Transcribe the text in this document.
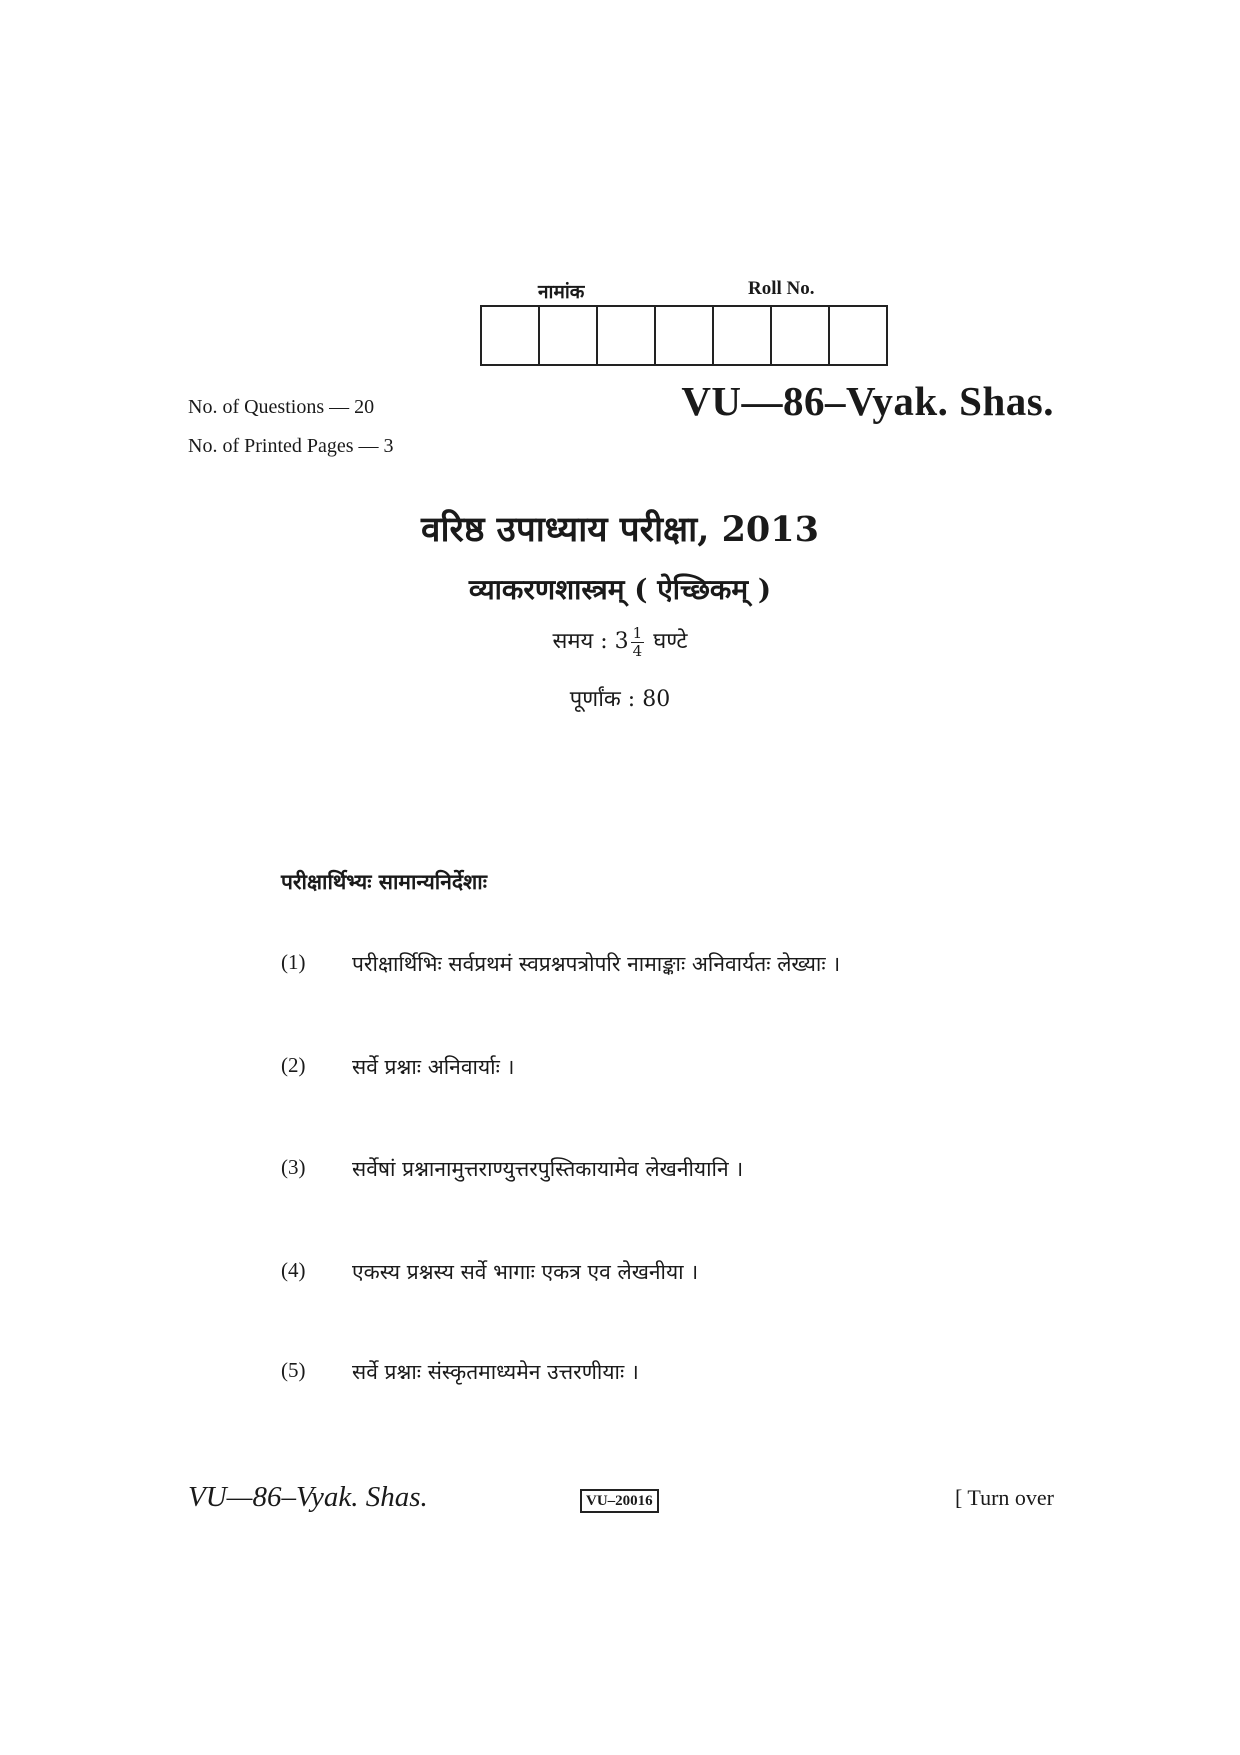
नामांक	Roll No.
No. of Questions — 20
No. of Printed Pages — 3
VU—86–Vyak. Shas.
वरिष्ठ उपाध्याय परीक्षा, 2013
व्याकरणशास्त्रम् ( ऐच्छिकम् )
समय : $3 \frac{1}{4}$ घण्टे
पूर्णांक : 80
परीक्षार्थिभ्यः सामान्यनिर्देशाः
(1)	परीक्षार्थिभिः सर्वप्रथमं स्वप्रश्नपत्रोपरि नामाङ्काः अनिवार्यतः लेख्याः ।
(2)	सर्वे प्रश्नाः अनिवार्याः ।
(3)	सर्वेषां प्रश्नानामुत्तराण्युत्तरपुस्तिकायामेव लेखनीयानि ।
(4)	एकस्य प्रश्नस्य सर्वे भागाः एकत्र एव लेखनीया ।
(5)	सर्वे प्रश्नाः संस्कृतमाध्यमेन उत्तरणीयाः ।
VU—86–Vyak. Shas.	VU–20016	[ Turn over
